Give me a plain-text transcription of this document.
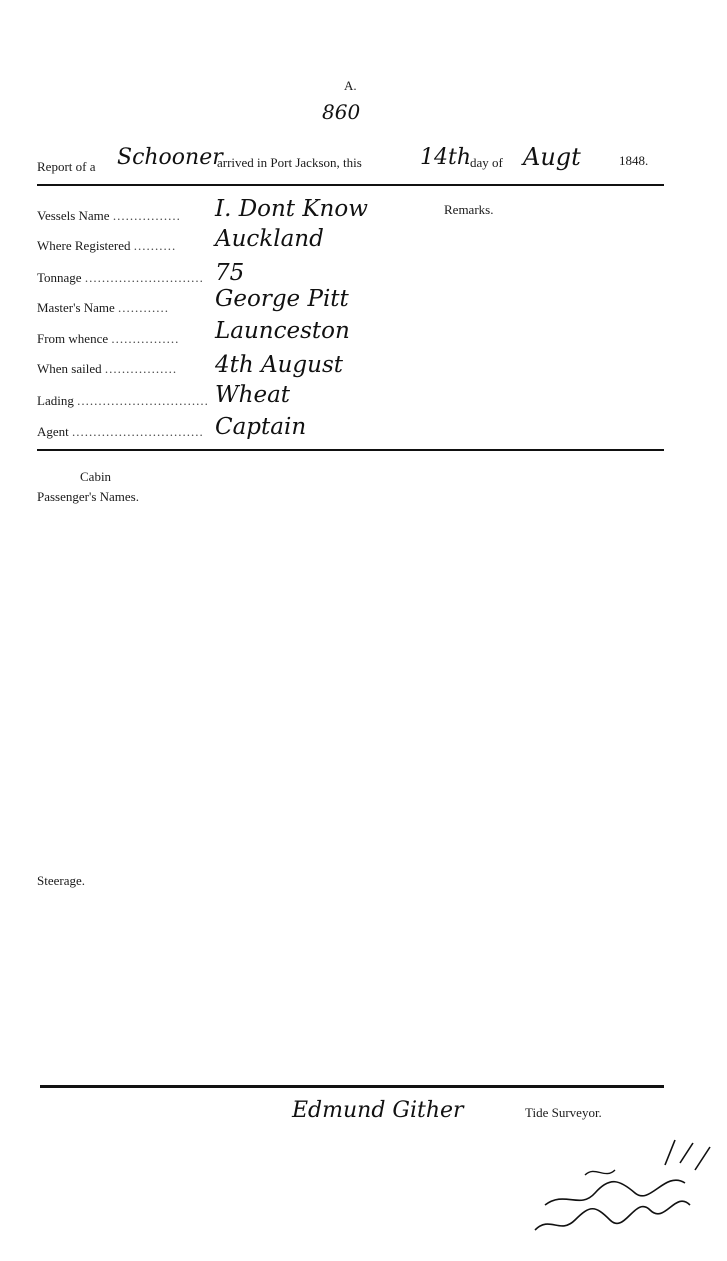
A.
860
Report of a Schooner
arrived in Port Jackson, this	14th
day of Augt	1848.
Vessels Name ................ I. Dont Know
Where Registered .......... Auckland
Tonnage ............................ 75
Master's Name ............ George Pitt
From whence ................ Launceston
When sailed ................. 4th August
Lading ............................... Wheat
Agent ............................... Captain
Remarks.
Cabin
Passenger's Names.
Steerage.
Edmund Gither	Tide Surveyor.
